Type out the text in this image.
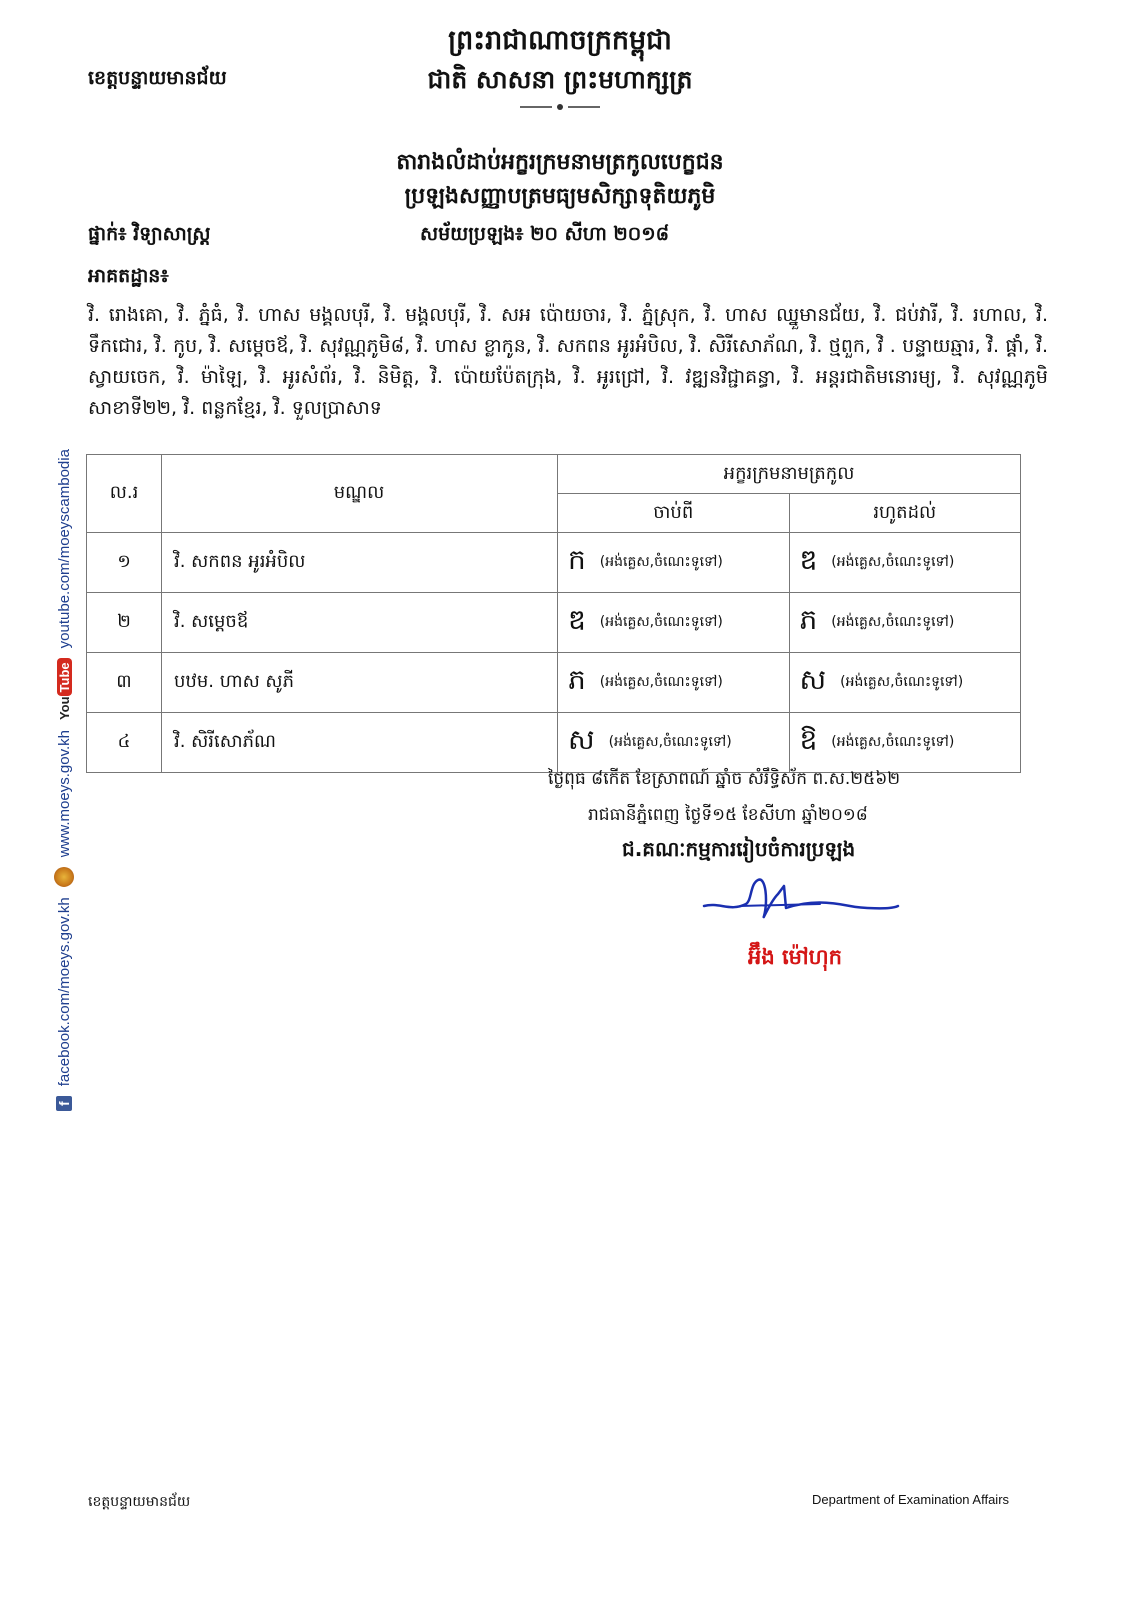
ព្រះរាជាណាចក្រកម្ពុជា
ជាតិ សាសនា ព្រះមហាក្សត្រ
ខេត្តបន្ទាយមានជ័យ
តារាងលំដាប់អក្ខរក្រមនាមត្រកូលបេក្ខជន
ប្រឡងសញ្ញាបត្រមធ្យមសិក្សាទុតិយភូមិ
ផ្នាក់៖ វិទ្យាសាស្ត្រ	សម័យប្រឡង៖ ២០ សីហា ២០១៨
អាគតដ្ឋាន៖
វិ. រោងគោ, វិ. ភ្នំធំ, វិ. ហាស មង្គលបុរី, វិ. មង្គលបុរី, វិ. សអ ប៉ោយចារ, វិ. ភ្នំស្រុក, វិ. ហាស ឈ្នួមានជ័យ, វិ. ជប់វារី, វិ. រហាល, វិ. ទឹកជោរ, វិ. កូប, វិ. សម្តេចឪ, វិ. សុវណ្ណភូមិ៨, វិ. ហាស ខ្លាកូន, វិ. សកពន អូរអំបិល, វិ. សិរីសោភ័ណ, វិ. ថ្មពួក, វិ . បន្ទាយឆ្មារ, វិ. ផ្តាំ, វិ. ស្វាយចេក, វិ. ម៉ាឡៃ, វិ. អូរសំព័រ, វិ. និមិត្ត, វិ. ប៉ោយប៉ែតក្រុង, វិ. អូរជ្រៅ, វិ. វឌ្ឍនវិជ្ជាគន្ធា, វិ. អន្តរជាតិមនោរម្យ, វិ. សុវណ្ណភូមិ សាខាទី២២, វិ. ពន្លកខ្មែរ, វិ. ទួលប្រាសាទ
f
facebook.com/moeys.gov.kh
www.moeys.gov.kh
YouTube
youtube.com/moeyscambodia ល.រ	មណ្ឌល	អក្ខរក្រមនាមត្រកូល	
		ចាប់ពី	រហូតដល់
១	វិ. សកពន អូរអំបិល	ក (អង់គ្លេស,ចំណេះទូទៅ)	ឌ (អង់គ្លេស,ចំណេះទូទៅ)
២	វិ. សម្តេចឪ	ឌ (អង់គ្លេស,ចំណេះទូទៅ)	ភ (អង់គ្លេស,ចំណេះទូទៅ)
៣	បឋម. ហាស សូភី	ភ (អង់គ្លេស,ចំណេះទូទៅ)	ស (អង់គ្លេស,ចំណេះទូទៅ)
៤	វិ. សិរីសោភ័ណ	ស (អង់គ្លេស,ចំណេះទូទៅ)	ឱ (អង់គ្លេស,ចំណេះទូទៅ)
ថ្ងៃពុធ ៨កើត ខែស្រាពណ៍ ឆ្នាំច សំរឹទ្ធិស័ក ព.ស.២៥៦២
រាជធានីភ្នំពេញ ថ្ងៃទី១៥ ខែសីហា ឆ្នាំ២០១៨
ជ.គណៈកម្មការរៀបចំការប្រឡង
អ៊ឹង ម៉ៅហុក
ខេត្តបន្ទាយមានជ័យ	Department of Examination Affairs
